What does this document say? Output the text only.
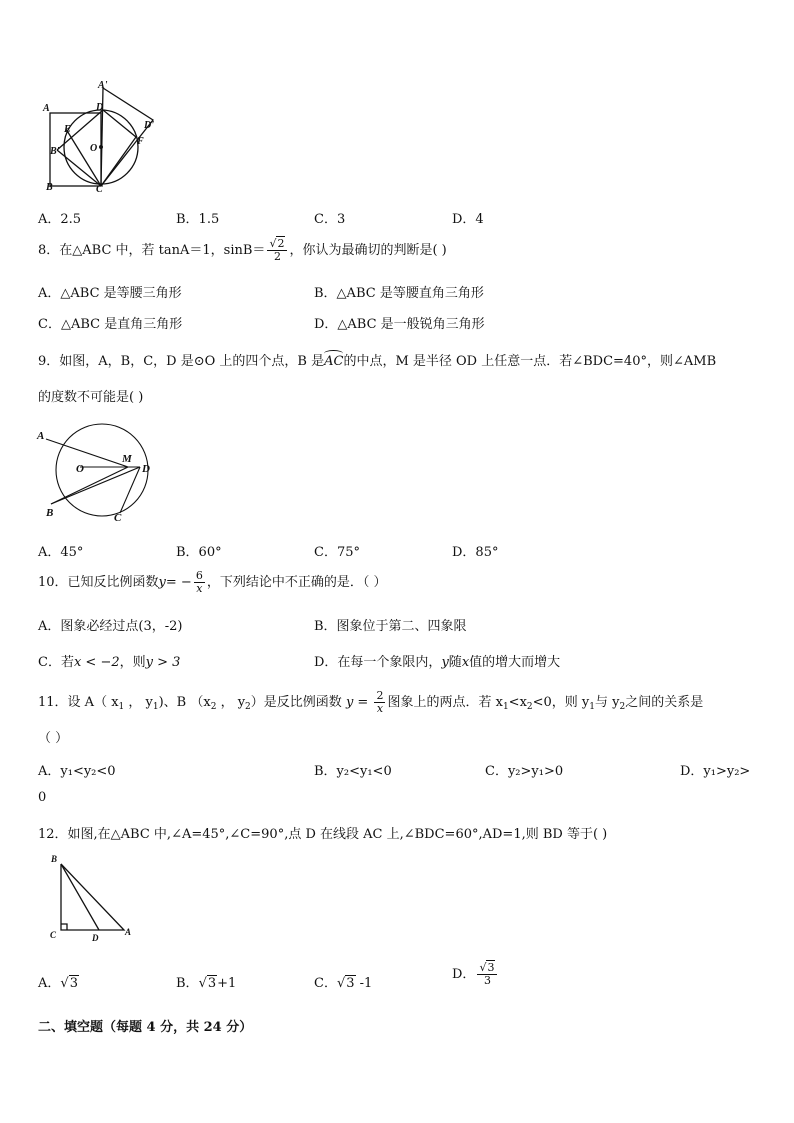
A
A'
D
D'
E
F
B'	O
B	C
A．2.5	B．1.5	C．3	D．4
8．在△ABC 中，若 tanA＝1，$\sin B= \frac{√2}{2}$ ，你认为最确切的判断是( )
A．△ABC 是等腰三角形	B．△ABC 是等腰直角三角形
C．△ABC 是直角三角形	D．△ABC 是一般锐角三角形
9．如图，A，B，C，D 是⊙O 上的四个点，B 是AC的中点，M 是半径 OD 上任意一点．若∠BDC=40°，则∠AMB
的度数不可能是( )
A
O
M
D
B	C
A．45°	B．60°	C．75°	D．85°
10．已知反比例函数$y= - \frac{6}{x}$ ，下列结论中不正确的是．（ ）
A．图象必经过点(3，-2)	B．图象位于第二、四象限
C．若x < −2，则y > 3	D．在每一个象限内，y随x值的增大而增大
11．设 A（ $x_1$ ， $y_1$)、B （$x_2$ ， $y_2$）是反比例函数 $y = \frac{2}{x}$ 图象上的两点．若 $x_1<x_2<0$，则 $y_1$与 $y_2$之间的关系是
（ ）
A．y₁<y₂<0	B．y₂<y₁<0	C．y₂>y₁>0	D．y₁>y₂>
0
12．如图,在△ABC 中,∠A=45°,∠C=90°,点 D 在线段 AC 上,∠BDC=60°,AD=1,则 BD 等于( )
B
C	D
A
A．√3	B．√3+1	C．√3 -1
D． $\frac{√3}{3}$
二、填空题（每题 4 分，共 24 分）
